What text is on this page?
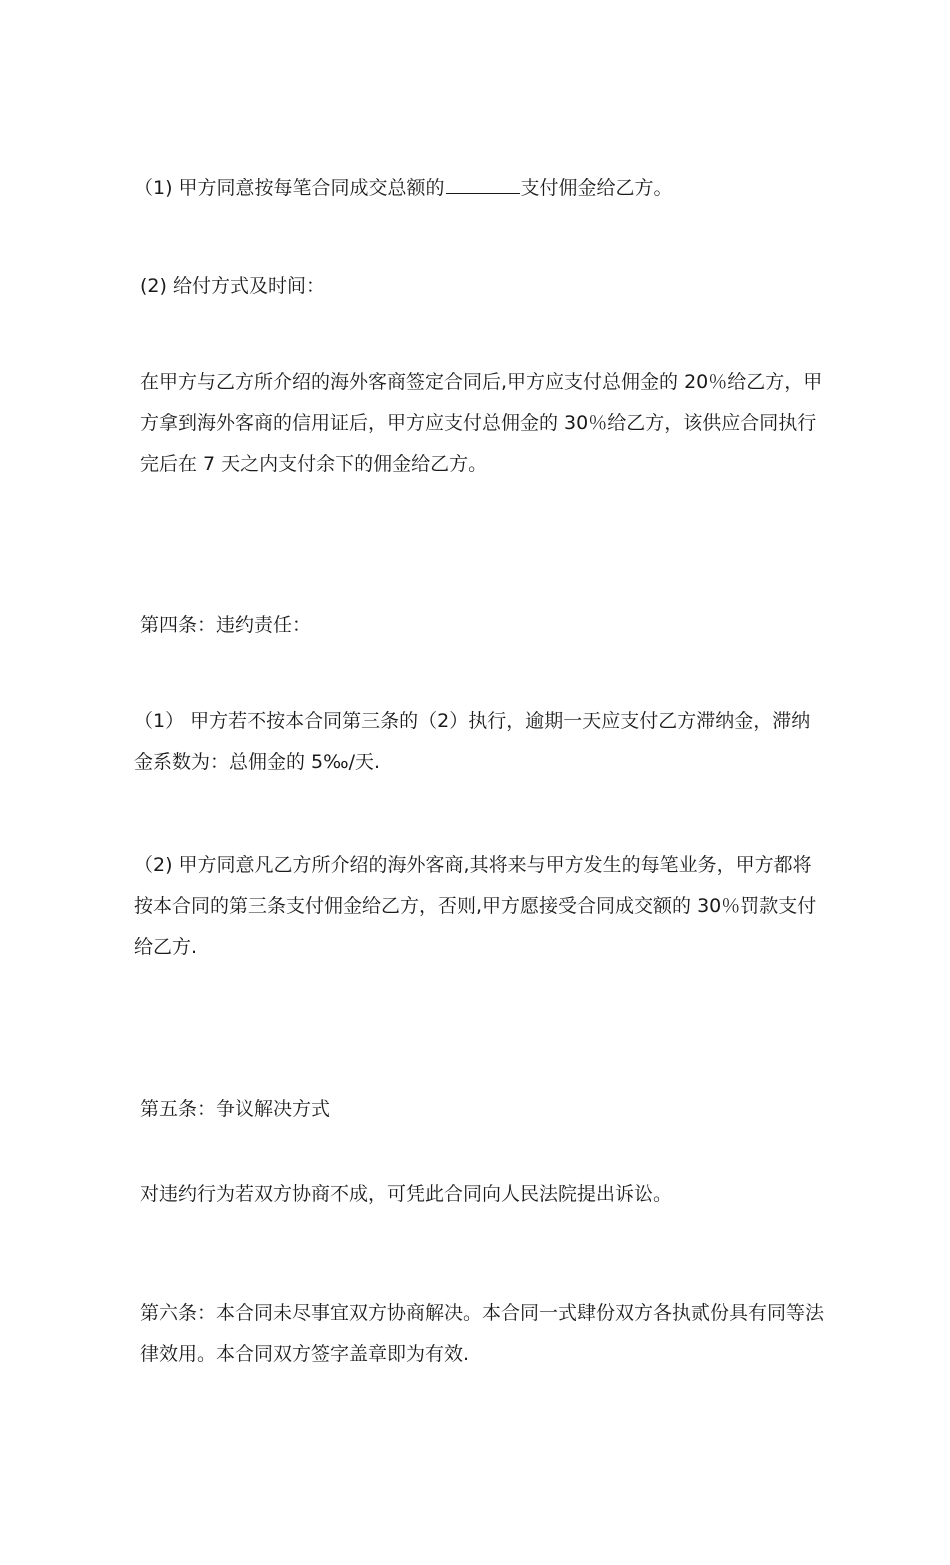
（1) 甲方同意按每笔合同成交总额的	支付佣金给乙方。

(2) 给付方式及时间：

在甲方与乙方所介绍的海外客商签定合同后,甲方应支付总佣金的 20％给乙方，甲方拿到海外客商的信用证后，甲方应支付总佣金的 30％给乙方，该供应合同执行完后在 7 天之内支付余下的佣金给乙方。

第四条：违约责任：

（1） 甲方若不按本合同第三条的（2）执行，逾期一天应支付乙方滞纳金，滞纳金系数为：总佣金的 5‰/天.

（2) 甲方同意凡乙方所介绍的海外客商,其将来与甲方发生的每笔业务，甲方都将按本合同的第三条支付佣金给乙方，否则,甲方愿接受合同成交额的 30％罚款支付给乙方.

第五条：争议解决方式

对违约行为若双方协商不成，可凭此合同向人民法院提出诉讼。

第六条：本合同未尽事宜双方协商解决。本合同一式肆份双方各执贰份具有同等法律效用。本合同双方签字盖章即为有效.
